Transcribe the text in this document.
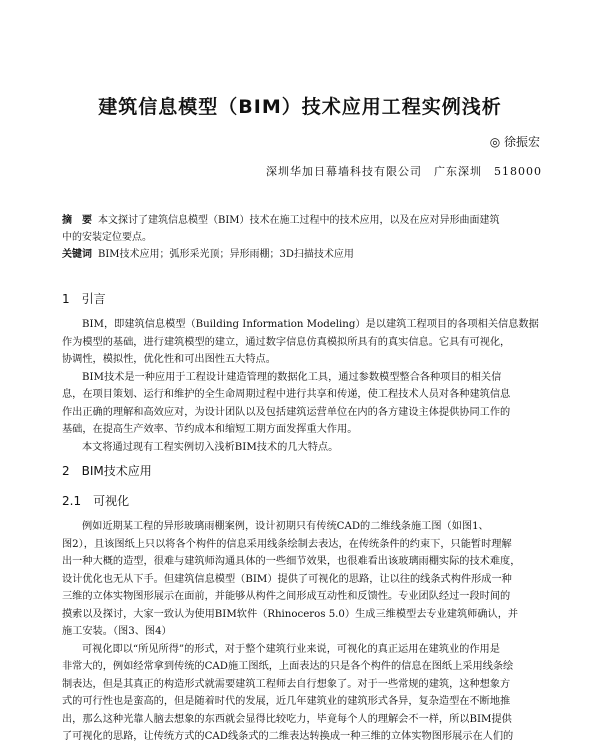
建筑信息模型（BIM）技术应用工程实例浅析
◎ 徐振宏
深圳华加日幕墙科技有限公司　广东深圳　518000
摘　要 本文探讨了建筑信息模型（BIM）技术在施工过程中的技术应用，以及在应对异形曲面建筑
中的安装定位要点。
关键词 BIM技术应用；弧形采光顶；异形雨棚；3D扫描技术应用
1　引言

BIM，即建筑信息模型（Building Information Modeling）是以建筑工程项目的各项相关信息数据

作为模型的基础，进行建筑模型的建立，通过数字信息仿真模拟所具有的真实信息。它具有可视化，

协调性，模拟性，优化性和可出图性五大特点。

BIM技术是一种应用于工程设计建造管理的数据化工具，通过参数模型整合各种项目的相关信

息，在项目策划、运行和维护的全生命周期过程中进行共享和传递，使工程技术人员对各种建筑信息

作出正确的理解和高效应对，为设计团队以及包括建筑运营单位在内的各方建设主体提供协同工作的

基础，在提高生产效率、节约成本和缩短工期方面发挥重大作用。

本文将通过现有工程实例切入浅析BIM技术的几大特点。

2　BIM技术应用
2.1　可视化

例如近期某工程的异形玻璃雨棚案例，设计初期只有传统CAD的二维线条施工图（如图1、

图2），且该图纸上只以将各个构件的信息采用线条绘制去表达，在传统条件的约束下，只能暂时理解

出一种大概的造型，很难与建筑师沟通具体的一些细节效果，也很难看出该玻璃雨棚实际的技术难度，

设计优化也无从下手。但建筑信息模型（BIM）提供了可视化的思路，让以往的线条式构件形成一种

三维的立体实物图形展示在面前，并能够从构件之间形成互动性和反馈性。专业团队经过一段时间的

摸索以及探讨，大家一致认为使用BIM软件（Rhinoceros 5.0）生成三维模型去专业建筑师确认，并

施工安装。（图3、图4）

可视化即以“所见所得”的形式，对于整个建筑行业来说，可视化的真正运用在建筑业的作用是

非常大的，例如经常拿到传统的CAD施工图纸，上面表达的只是各个构件的信息在图纸上采用线条绘

制表达，但是其真正的构造形式就需要建筑工程师去自行想象了。对于一些常规的建筑，这种想象方

式的可行性也是蛮高的，但是随着时代的发展，近几年建筑业的建筑形式各异，复杂造型在不断地推

出，那么这种光靠人脑去想象的东西就会显得比较吃力，毕竟每个人的理解会不一样，所以BIM提供

了可视化的思路，让传统方式的CAD线条式的二维表达转换成一种三维的立体实物图形展示在人们的
